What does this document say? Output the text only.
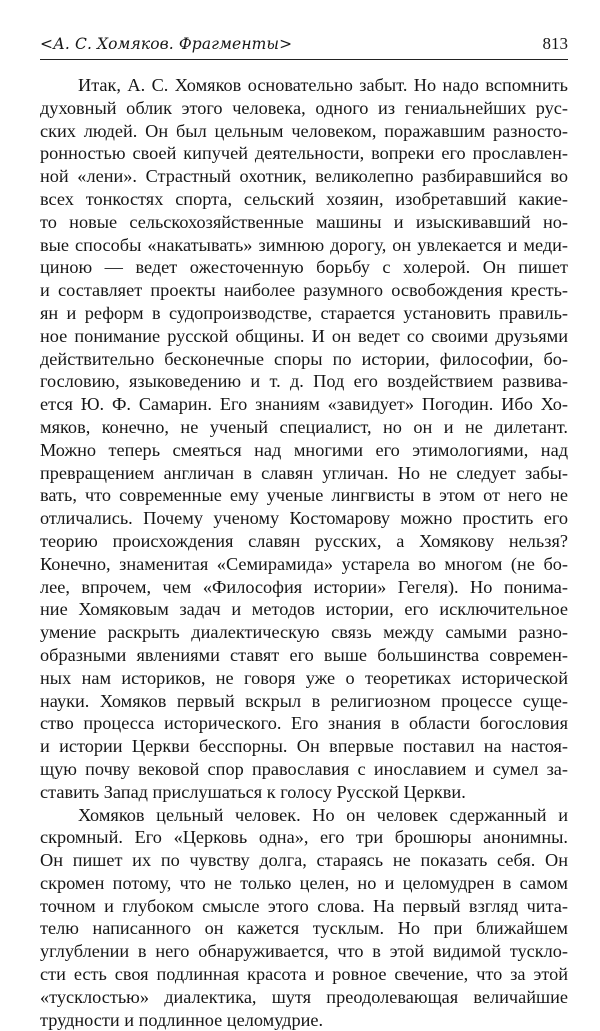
<А. С. Хомяков. Фрагменты>	813
Итак, А. С. Хомяков основательно забыт. Но надо вспомнить
духовный облик этого человека, одного из гениальнейших рус-
ских людей. Он был цельным человеком, поражавшим разносто-
ронностью своей кипучей деятельности, вопреки его прославлен-
ной «лени». Страстный охотник, великолепно разбиравшийся во
всех тонкостях спорта, сельский хозяин, изобретавший какие-
то новые сельскохозяйственные машины и изыскивавший но-
вые способы «накатывать» зимнюю дорогу, он увлекается и меди-
циною — ведет ожесточенную борьбу с холерой. Он пишет
и составляет проекты наиболее разумного освобождения кресть-
ян и реформ в судопроизводстве, старается установить правиль-
ное понимание русской общины. И он ведет со своими друзьями
действительно бесконечные споры по истории, философии, бо-
гословию, языковедению и т. д. Под его воздействием развива-
ется Ю. Ф. Самарин. Его знаниям «завидует» Погодин. Ибо Хо-
мяков, конечно, не ученый специалист, но он и не дилетант.
Можно теперь смеяться над многими его этимологиями, над
превращением англичан в славян угличан. Но не следует забы-
вать, что современные ему ученые лингвисты в этом от него не
отличались. Почему ученому Костомарову можно простить его
теорию происхождения славян русских, а Хомякову нельзя?
Конечно, знаменитая «Семирамида» устарела во многом (не бо-
лее, впрочем, чем «Философия истории» Гегеля). Но понима-
ние Хомяковым задач и методов истории, его исключительное
умение раскрыть диалектическую связь между самыми разно-
образными явлениями ставят его выше большинства современ-
ных нам историков, не говоря уже о теоретиках исторической
науки. Хомяков первый вскрыл в религиозном процессе суще-
ство процесса исторического. Его знания в области богословия
и истории Церкви бесспорны. Он впервые поставил на настоя-
щую почву вековой спор православия с инославием и сумел за-
ставить Запад прислушаться к голосу Русской Церкви.
Хомяков цельный человек. Но он человек сдержанный и
скромный. Его «Церковь одна», его три брошюры анонимны.
Он пишет их по чувству долга, стараясь не показать себя. Он
скромен потому, что не только целен, но и целомудрен в самом
точном и глубоком смысле этого слова. На первый взгляд чита-
телю написанного он кажется тусклым. Но при ближайшем
углублении в него обнаруживается, что в этой видимой тускло-
сти есть своя подлинная красота и ровное свечение, что за этой
«тусклостью» диалектика, шутя преодолевающая величайшие
трудности и подлинное целомудрие.
